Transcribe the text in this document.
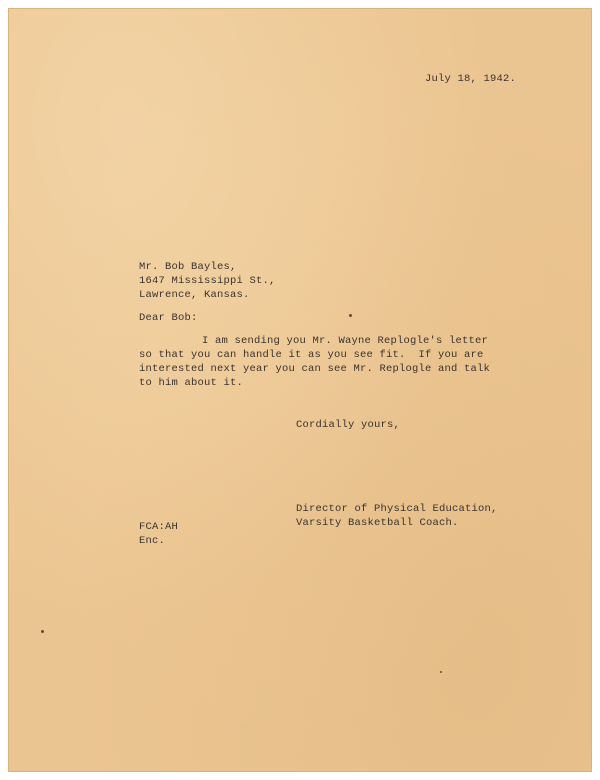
July 18, 1942.
Mr. Bob Bayles,
1647 Mississippi St.,
Lawrence, Kansas.
Dear Bob:
I am sending you Mr. Wayne Replogle's letter
so that you can handle it as you see fit.  If you are
interested next year you can see Mr. Replogle and talk
to him about it.
Cordially yours,
Director of Physical Education,
Varsity Basketball Coach.
FCA:AH
Enc.
